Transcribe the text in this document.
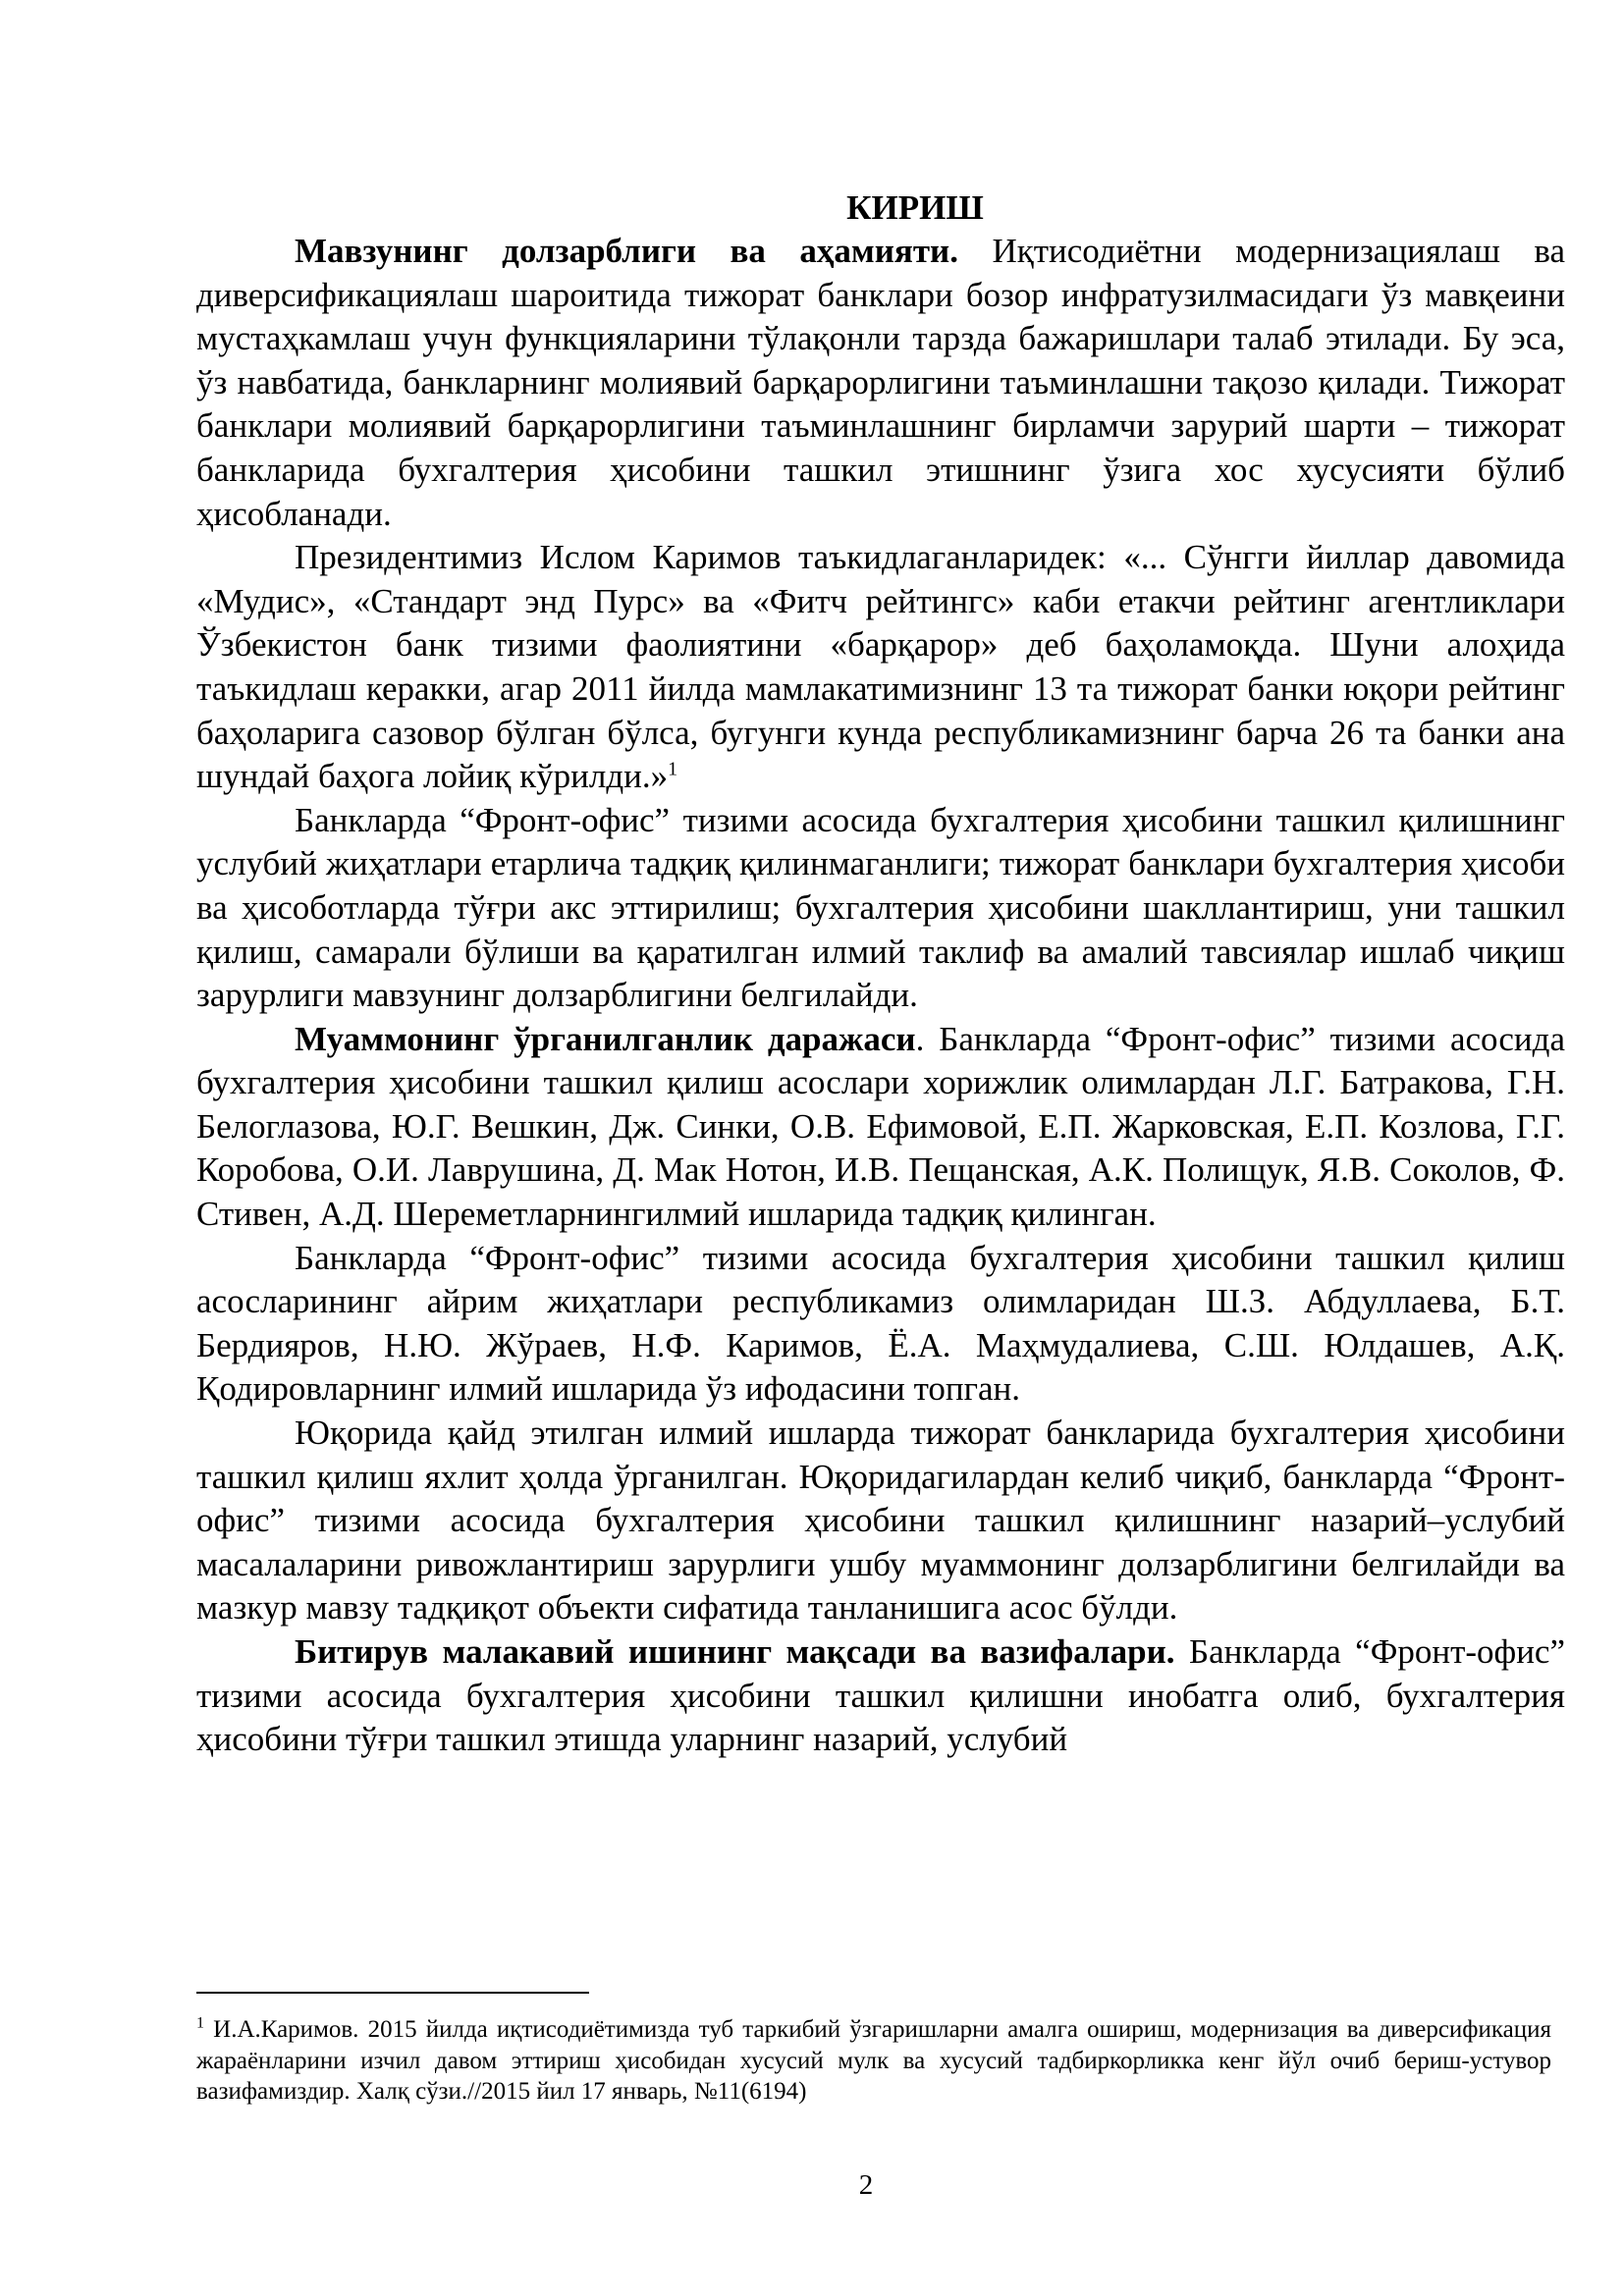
КИРИШ

Мавзунинг долзарблиги ва аҳамияти. Иқтисодиётни модернизациялаш ва диверсификациялаш шароитида тижорат банклари бозор инфратузилмасидаги ўз мавқеини мустаҳкамлаш учун функцияларини тўлақонли тарзда бажаришлари талаб этилади. Бу эса, ўз навбатида, банкларнинг молиявий барқарорлигини таъминлашни тақозо қилади. Тижорат банклари молиявий барқарорлигини таъминлашнинг бирламчи зарурий шарти – тижорат банкларида бухгалтерия ҳисобини ташкил этишнинг ўзига хос хусусияти бўлиб ҳисобланади.

Президентимиз Ислом Каримов таъкидлаганларидек: «... Сўнгги йиллар давомида «Мудис», «Стандарт энд Пурс» ва «Фитч рейтингс» каби етакчи рейтинг агентликлари Ўзбекистон банк тизими фаолиятини «барқарор» деб баҳоламоқда. Шуни алоҳида таъкидлаш керакки, агар 2011 йилда мамлакатимизнинг 13 та тижорат банки юқори рейтинг баҳоларига сазовор бўлган бўлса, бугунги кунда республикамизнинг барча 26 та банки ана шундай баҳога лойиқ кўрилди.»$^1$

Банкларда “Фронт-офис” тизими асосида бухгалтерия ҳисобини ташкил қилишнинг услубий жиҳатлари етарлича тадқиқ қилинмаганлиги; тижорат банклари бухгалтерия ҳисоби ва ҳисоботларда тўғри акс эттирилиш; бухгалтерия ҳисобини шакллантириш, уни ташкил қилиш, самарали бўлиши ва қаратилган илмий таклиф ва амалий тавсиялар ишлаб чиқиш зарурлиги мавзунинг долзарблигини белгилайди.

Муаммонинг ўрганилганлик даражаси. Банкларда “Фронт-офис” тизими асосида бухгалтерия ҳисобини ташкил қилиш асослари хорижлик олимлардан Л.Г. Батракова, Г.Н. Белоглазова, Ю.Г. Вешкин, Дж. Синки, О.В. Ефимовой, Е.П. Жарковская, Е.П. Козлова, Г.Г. Коробова, О.И. Лаврушина, Д. Мак Нотон, И.В. Пещанская, А.К. Полищук, Я.В. Соколов, Ф. Стивен, А.Д. Шереметларнингилмий ишларида тадқиқ қилинган.

Банкларда “Фронт-офис” тизими асосида бухгалтерия ҳисобини ташкил қилиш асосларининг айрим жиҳатлари республикамиз олимларидан Ш.З. Абдуллаева, Б.Т. Бердияров, Н.Ю. Жўраев, Н.Ф. Каримов, Ё.А. Маҳмудалиева, С.Ш. Юлдашев, А.Қ. Қодировларнинг илмий ишларида ўз ифодасини топган.

Юқорида қайд этилган илмий ишларда тижорат банкларида бухгалтерия ҳисобини ташкил қилиш яхлит ҳолда ўрганилган. Юқоридагилардан келиб чиқиб, банкларда “Фронт-офис” тизими асосида бухгалтерия ҳисобини ташкил қилишнинг назарий–услубий масалаларини ривожлантириш зарурлиги ушбу муаммонинг долзарблигини белгилайди ва мазкур мавзу тадқиқот объекти сифатида танланишига асос бўлди.

Битирув малакавий ишининг мақсади ва вазифалари. Банкларда “Фронт-офис” тизими асосида бухгалтерия ҳисобини ташкил қилишни инобатга олиб, бухгалтерия ҳисобини тўғри ташкил этишда уларнинг назарий, услубий

$^1$ И.А.Каримов. 2015 йилда иқтисодиётимизда туб таркибий ўзгаришларни амалга ошириш, модернизация ва диверсификация жараёнларини изчил давом эттириш ҳисобидан хусусий мулк ва хусусий тадбиркорликка кенг йўл очиб бериш-устувор вазифамиздир. Халқ сўзи.//2015 йил 17 январь, №11(6194)

2
